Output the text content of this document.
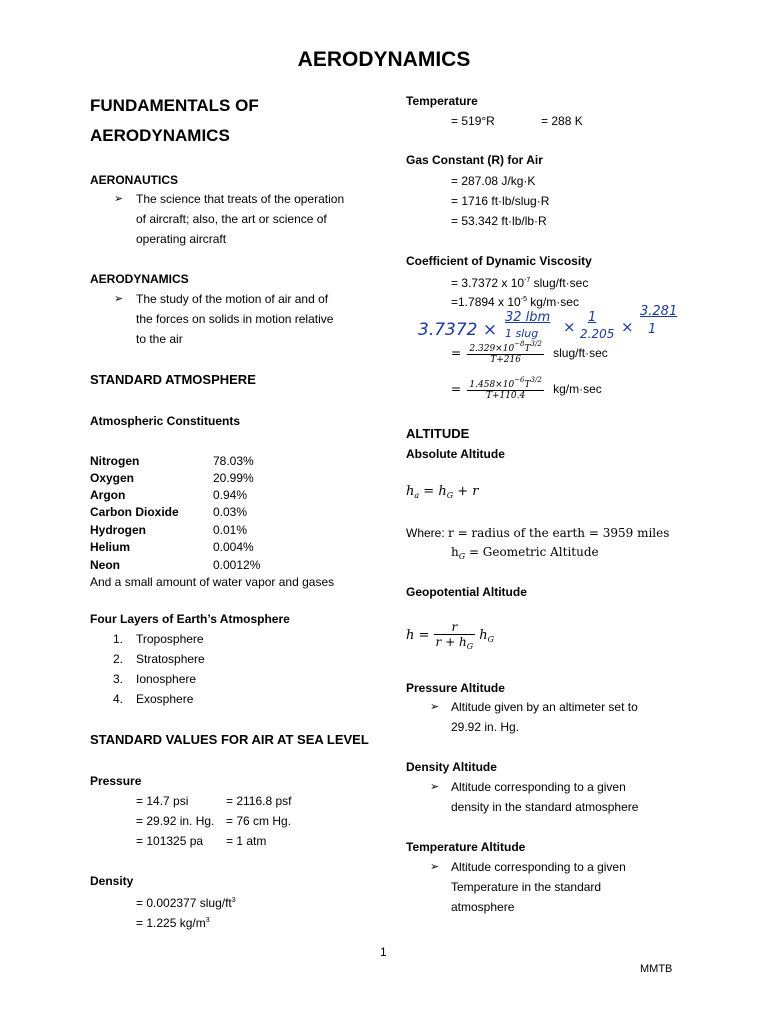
AERODYNAMICS
FUNDAMENTALS OF
AERODYNAMICS
AERONAUTICS
➢ The science that treats of the operation
of aircraft; also, the art or science of
operating aircraft
AERODYNAMICS
➢ The study of the motion of air and of
the forces on solids in motion relative
to the air
STANDARD ATMOSPHERE
Atmospheric Constituents
Nitrogen	78.03%
Oxygen	20.99%
Argon	0.94%
Carbon Dioxide	0.03%
Hydrogen	0.01%
Helium	0.004%
Neon	0.0012%
And a small amount of water vapor and gases
Four Layers of Earth’s Atmosphere
1. Troposphere
2. Stratosphere
3. Ionosphere
4. Exosphere
STANDARD VALUES FOR AIR AT SEA LEVEL
Pressure
= 14.7 psi	= 2116.8 psf
= 29.92 in. Hg. = 76 cm Hg.
= 101325 pa = 1 atm
Density
= 0.002377 slug/$ft^3$
= 1.225 $kg/m^3$
Temperature
= 519°R	= 288 K
Gas Constant (R) for Air
= 287.08 J/kg·K
= 1716 ft·lb/slug·R
= 53.342 ft·lb/lb·R
Coefficient of Dynamic Viscosity
= 3.7372 x $10^{-7}$ slug/ft·sec
=1.7894 x $10^{-5}$ kg/m·sec
3.7372 ×
32 lbm
1 slug ×
1
2.205 ×
3.281
1
= $\frac{2.329\times 10^{-8}T^{3/2}}{T+216}$ slug/ft·sec
= $\frac{1.458\times 10^{-6}T^{3/2}}{T+110.4} kg/m\cdot\sec$
ALTITUDE
Absolute Altitude
$h_a = h_G + r$
Where: r = radius of the earth = 3959 miles
$h_G$ = Geometric Altitude
Geopotential Altitude
$h = \frac{r}{r + h_G} h_G$
Pressure Altitude
➢ Altitude given by an altimeter set to
29.92 in. Hg.
Density Altitude
➢ Altitude corresponding to a given
density in the standard atmosphere
Temperature Altitude
➢ Altitude corresponding to a given
Temperature in the standard
atmosphere
1
MMTB
